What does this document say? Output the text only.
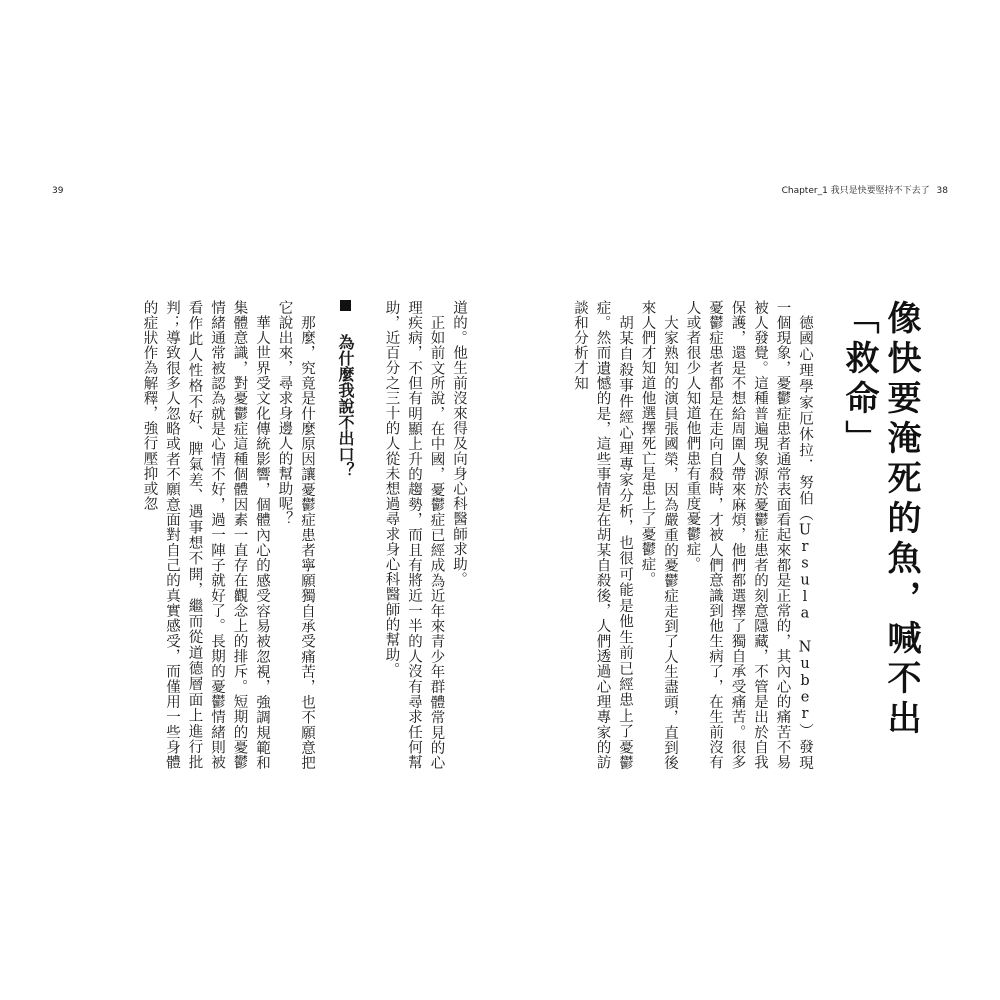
39	Chapter_1 我只是快要堅持不下去了 38
像快要淹死的魚，喊不出「救命」

德國心理學家厄休拉．努伯（Ursula Nuber）發現一個現象，憂鬱症患者通常表面看起來都是正常的，其內心的痛苦不易被人發覺。這種普遍現象源於憂鬱症患者的刻意隱藏，不管是出於自我保護，還是不想給周圍人帶來麻煩，他們都選擇了獨自承受痛苦。很多憂鬱症患者都是在走向自殺時，才被人們意識到他生病了，在生前沒有人或者很少人知道他們患有重度憂鬱症。

大家熟知的演員張國榮，因為嚴重的憂鬱症走到了人生盡頭，直到後來人們才知道他選擇死亡是患上了憂鬱症。

胡某自殺事件經心理專家分析，也很可能是他生前已經患上了憂鬱症。然而遺憾的是，這些事情是在胡某自殺後，人們透過心理專家的訪談和分析才知

道的。他生前沒來得及向身心科醫師求助。

正如前文所說，在中國，憂鬱症已經成為近年來青少年群體常見的心理疾病，不但有明顯上升的趨勢，而且有將近一半的人沒有尋求任何幫助，近百分之三十的人從未想過尋求身心科醫師的幫助。

為什麼我說不出口？

那麼，究竟是什麼原因讓憂鬱症患者寧願獨自承受痛苦，也不願意把它說出來，尋求身邊人的幫助呢？

華人世界受文化傳統影響，個體內心的感受容易被忽視，強調規範和集體意識，對憂鬱症這種個體因素一直存在觀念上的排斥。短期的憂鬱情緒通常被認為就是心情不好，過一陣子就好了。長期的憂鬱情緒則被看作此人性格不好、脾氣差、遇事想不開，繼而從道德層面上進行批判；導致很多人忽略或者不願意面對自己的真實感受，而僅用一些身體的症狀作為解釋，強行壓抑或忽
